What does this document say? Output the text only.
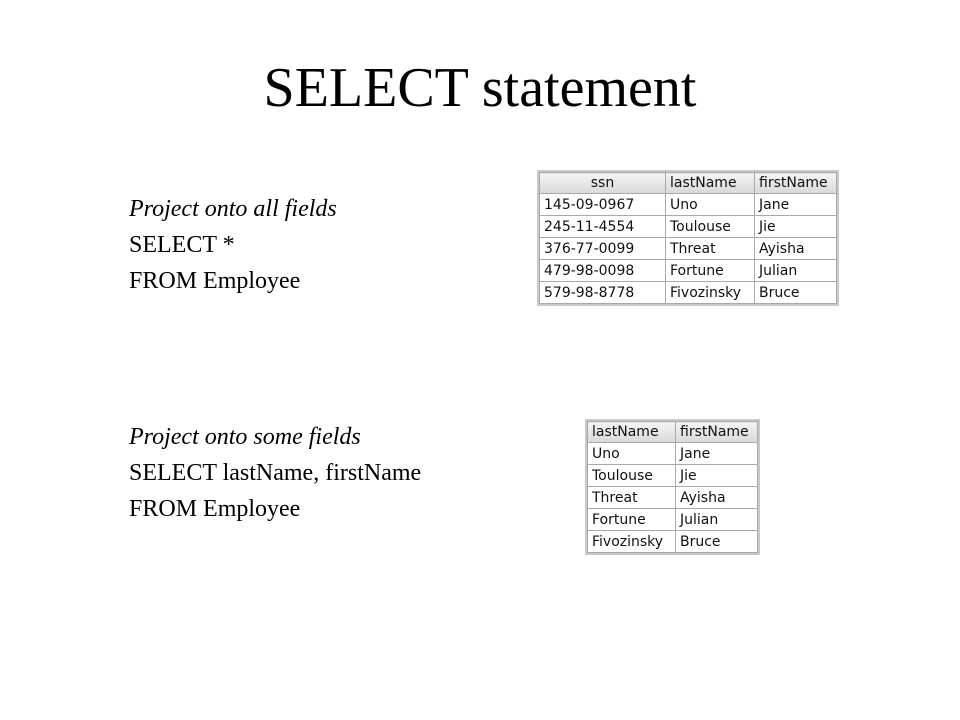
SELECT statement
Project onto all fields
SELECT *
FROM Employee
Project onto some fields
SELECT lastName, firstName
FROM Employee
ssn	lastName	firstName
145-09-0967	Uno	Jane
245-11-4554	Toulouse	Jie
376-77-0099	Threat	Ayisha
479-98-0098	Fortune	Julian
579-98-8778	Fivozinsky	Bruce
lastName	firstName
Uno	Jane
Toulouse	Jie
Threat	Ayisha
Fortune	Julian
Fivozinsky	Bruce
